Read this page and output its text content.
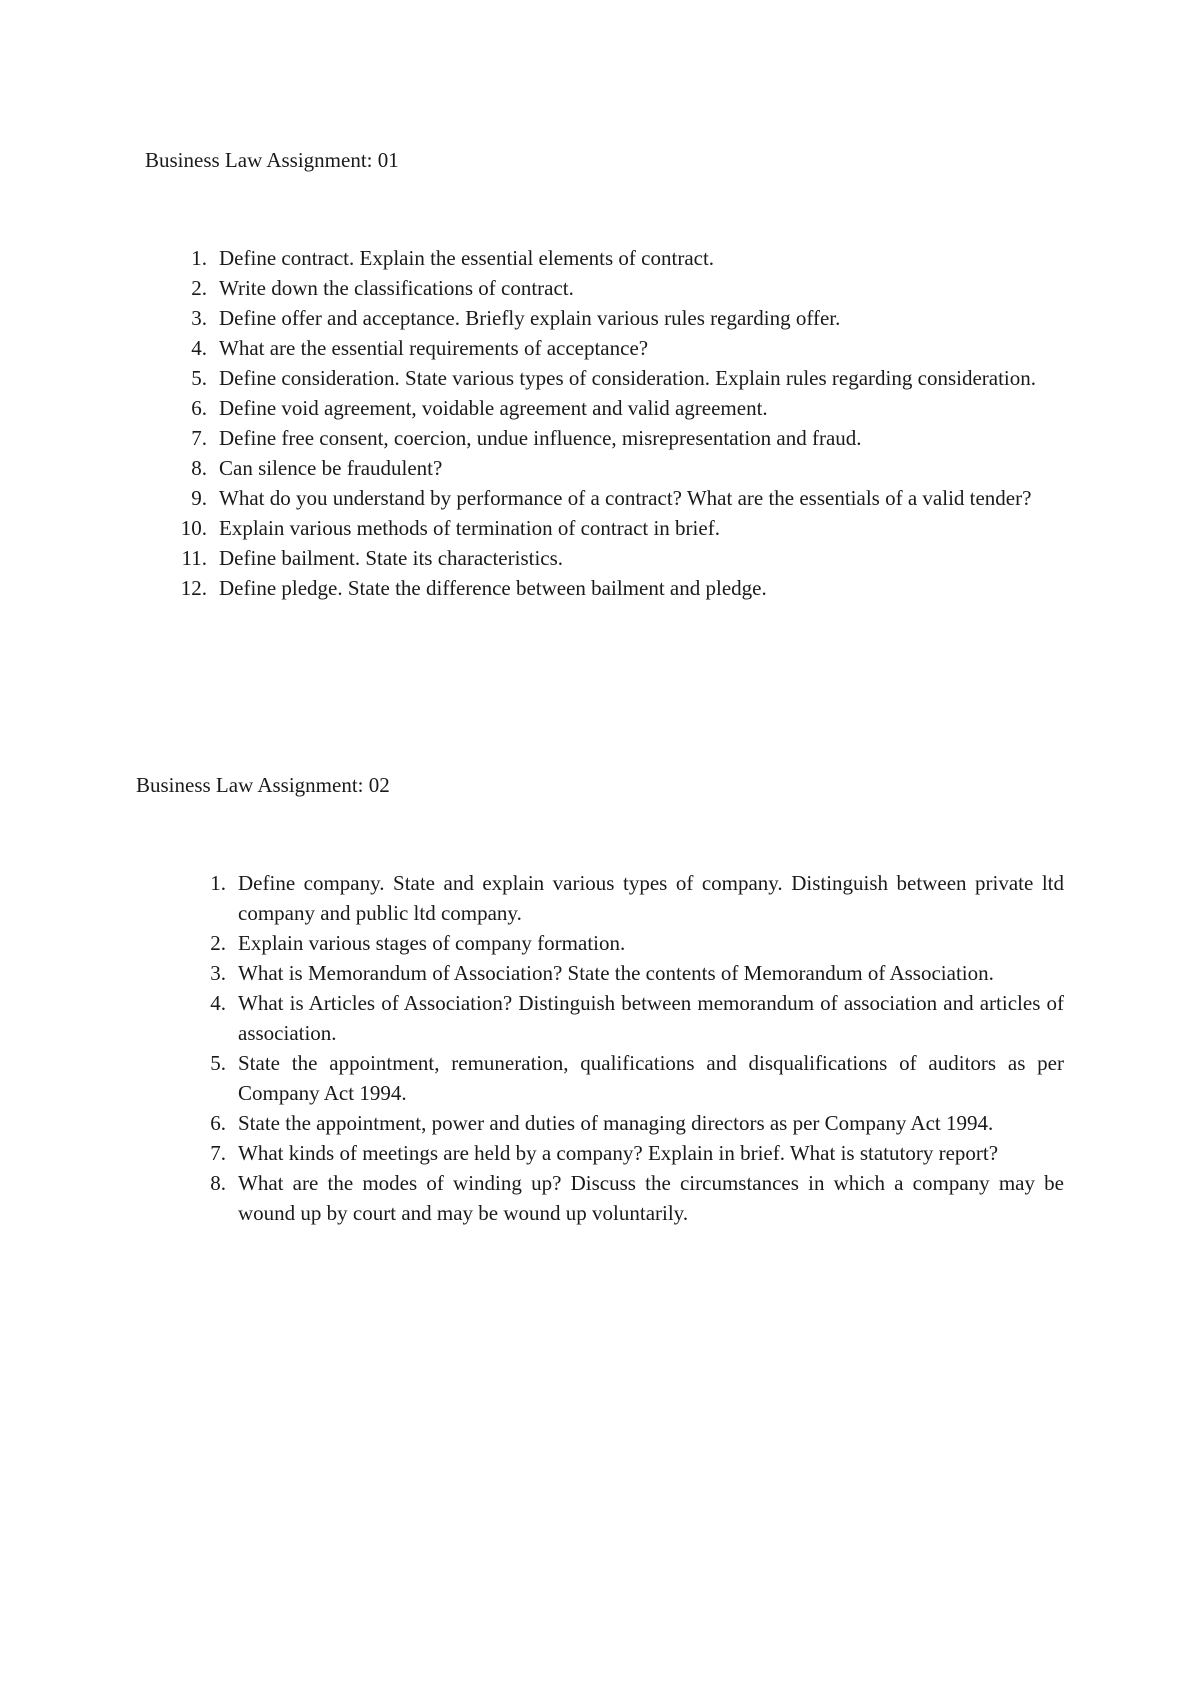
Business Law Assignment: 01
1. Define contract. Explain the essential elements of contract.
2. Write down the classifications of contract.
3. Define offer and acceptance. Briefly explain various rules regarding offer.
4. What are the essential requirements of acceptance?
5. Define consideration. State various types of consideration. Explain rules regarding consideration.
6. Define void agreement, voidable agreement and valid agreement.
7. Define free consent, coercion, undue influence, misrepresentation and fraud.
8. Can silence be fraudulent?
9. What do you understand by performance of a contract? What are the essentials of a valid tender?
10. Explain various methods of termination of contract in brief.
11. Define bailment. State its characteristics.
12. Define pledge. State the difference between bailment and pledge.
Business Law Assignment: 02
1. Define company. State and explain various types of company. Distinguish between private ltd company and public ltd company.
2. Explain various stages of company formation.
3. What is Memorandum of Association? State the contents of Memorandum of Association.
4. What is Articles of Association? Distinguish between memorandum of association and articles of association.
5. State the appointment, remuneration, qualifications and disqualifications of auditors as per Company Act 1994.
6. State the appointment, power and duties of managing directors as per Company Act 1994.
7. What kinds of meetings are held by a company? Explain in brief. What is statutory report?
8. What are the modes of winding up? Discuss the circumstances in which a company may be wound up by court and may be wound up voluntarily.
